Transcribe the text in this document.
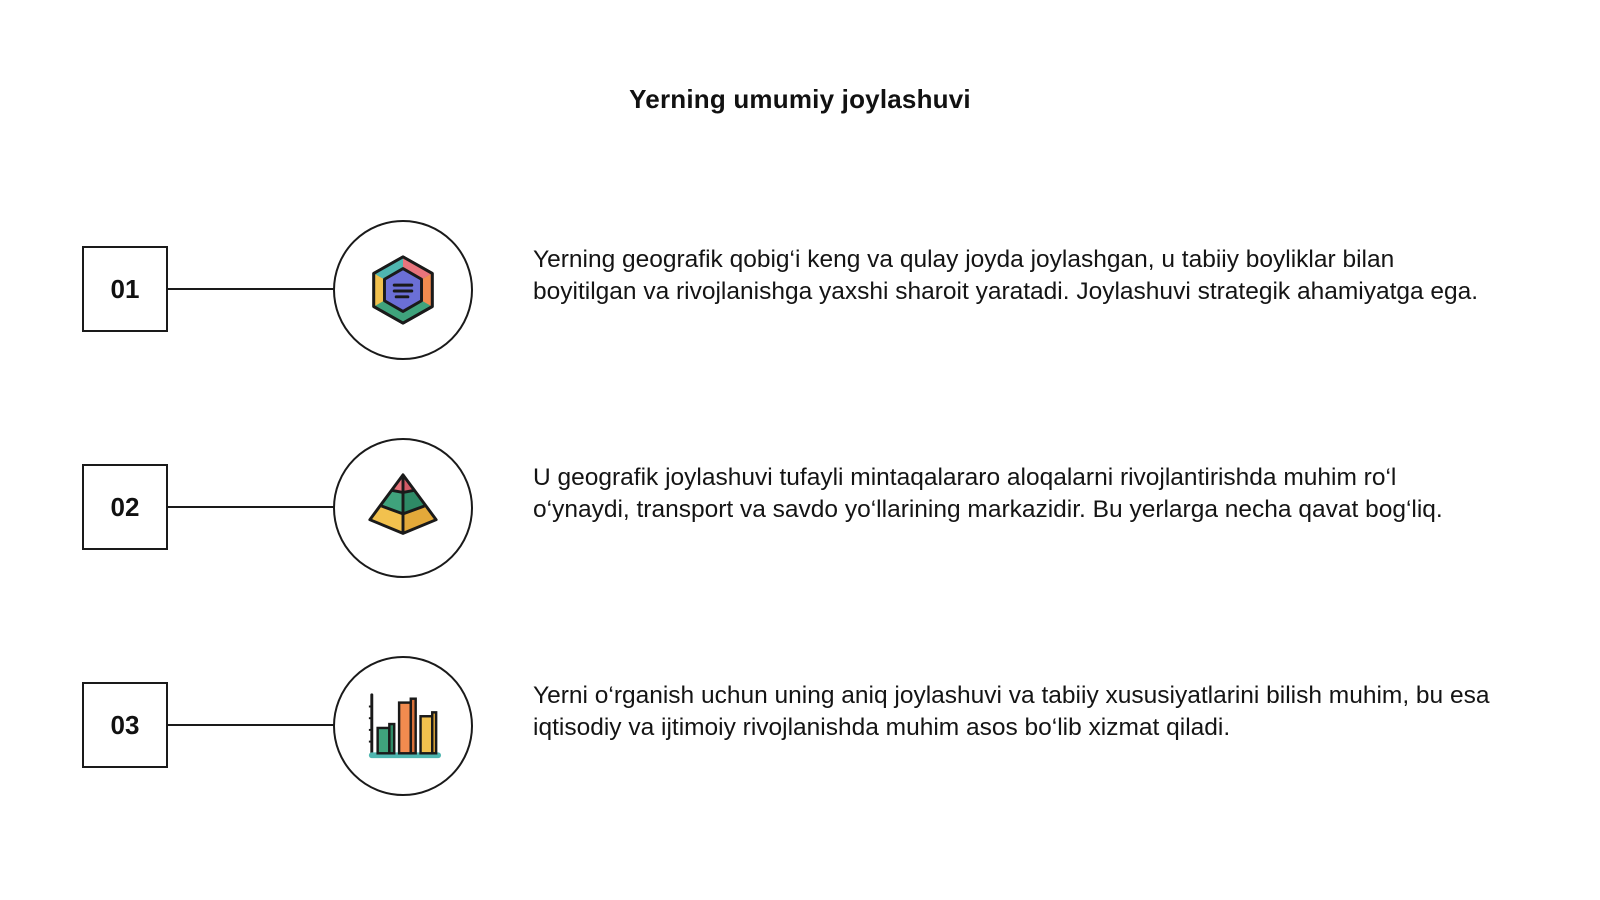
Yerning umumiy joylashuvi
01

Yerning geografik qobig‘i keng va qulay joyda joylashgan, u tabiiy boyliklar bilan boyitilgan va rivojlanishga yaxshi sharoit yaratadi. Joylashuvi strategik ahamiyatga ega.

02

U geografik joylashuvi tufayli mintaqalararo aloqalarni rivojlantirishda muhim ro‘l o‘ynaydi, transport va savdo yo‘llarining markazidir. Bu yerlarga necha qavat bog‘liq.

03

Yerni o‘rganish uchun uning aniq joylashuvi va tabiiy xususiyatlarini bilish muhim, bu esa iqtisodiy va ijtimoiy rivojlanishda muhim asos bo‘lib xizmat qiladi.
